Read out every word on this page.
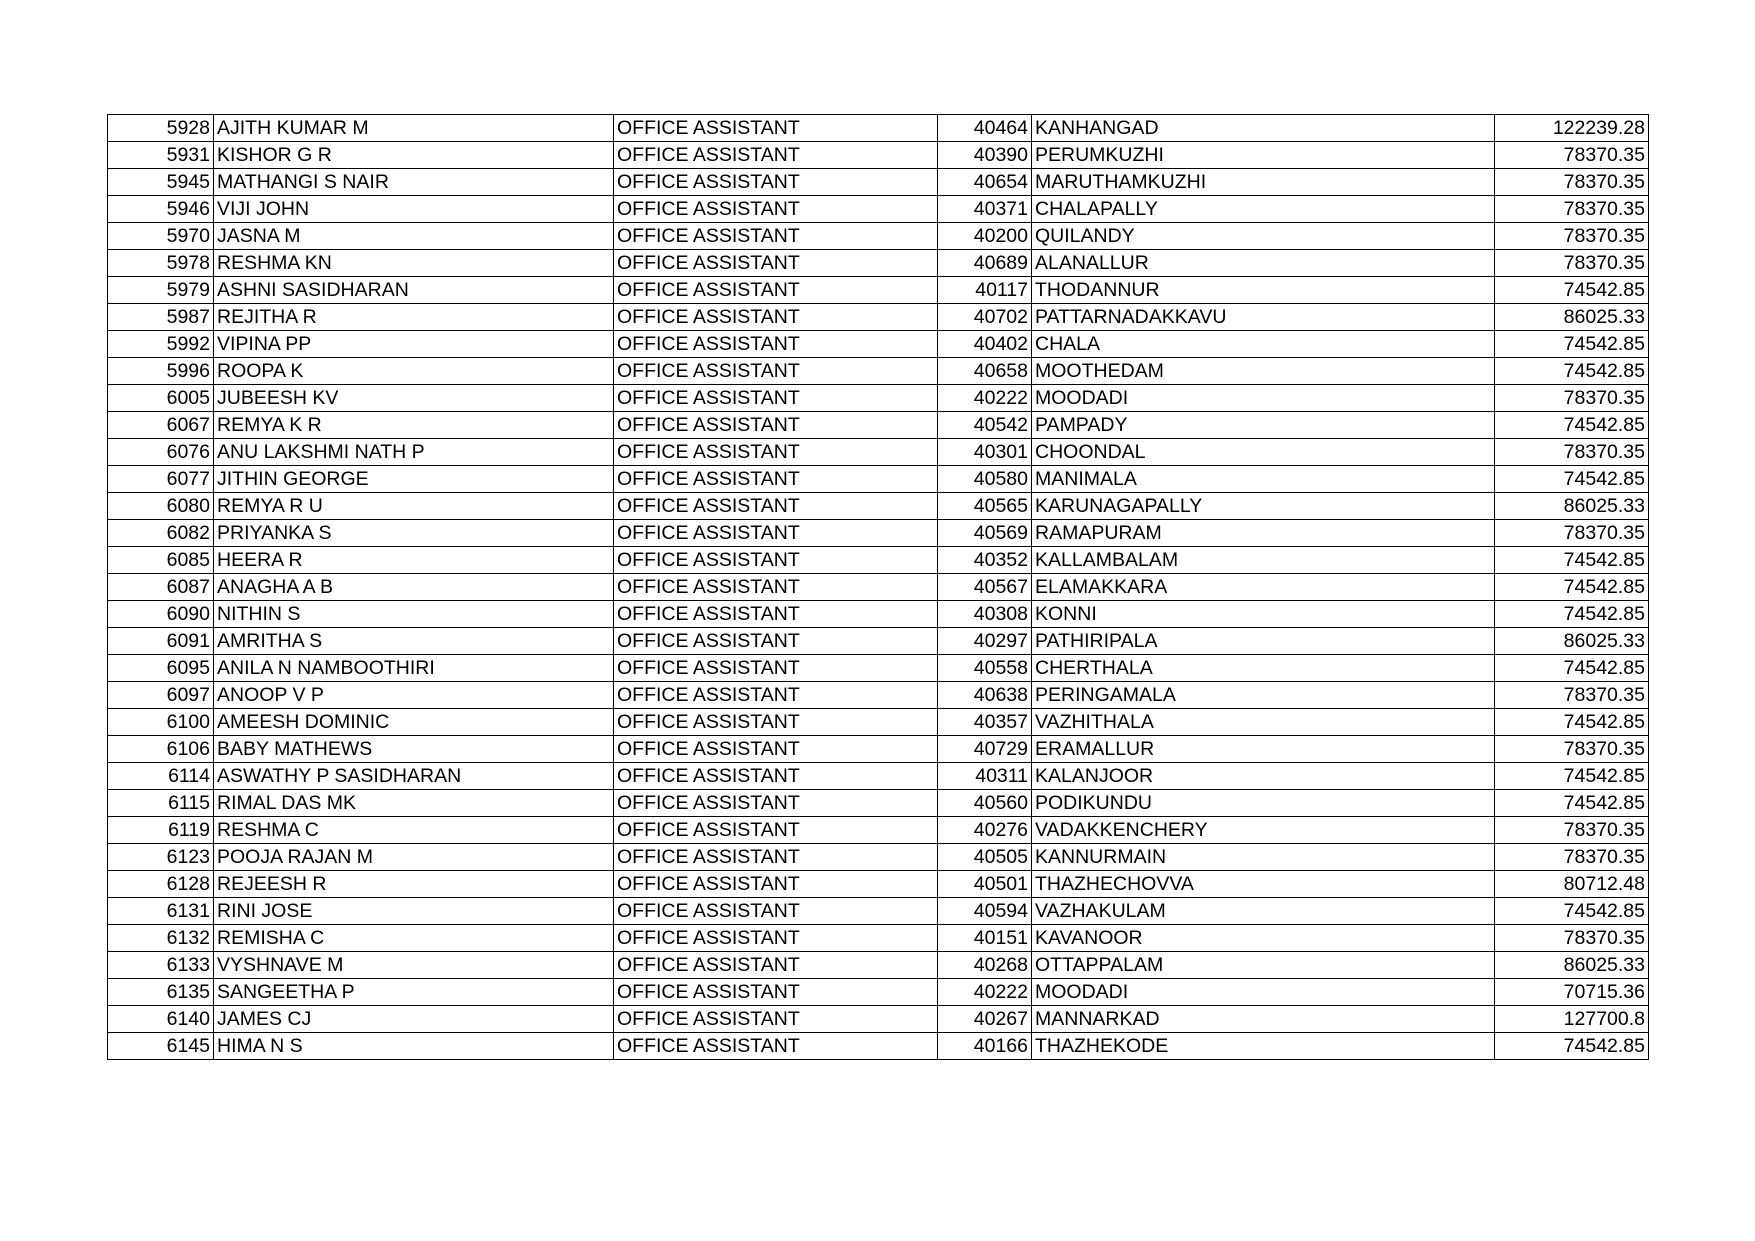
5928	AJITH KUMAR M	OFFICE ASSISTANT	40464	KANHANGAD	122239.28
5931	KISHOR G R	OFFICE ASSISTANT	40390	PERUMKUZHI	78370.35
5945	MATHANGI S NAIR	OFFICE ASSISTANT	40654	MARUTHAMKUZHI	78370.35
5946	VIJI JOHN	OFFICE ASSISTANT	40371	CHALAPALLY	78370.35
5970	JASNA M	OFFICE ASSISTANT	40200	QUILANDY	78370.35
5978	RESHMA KN	OFFICE ASSISTANT	40689	ALANALLUR	78370.35
5979	ASHNI SASIDHARAN	OFFICE ASSISTANT	40117	THODANNUR	74542.85
5987	REJITHA R	OFFICE ASSISTANT	40702	PATTARNADAKKAVU	86025.33
5992	VIPINA PP	OFFICE ASSISTANT	40402	CHALA	74542.85
5996	ROOPA K	OFFICE ASSISTANT	40658	MOOTHEDAM	74542.85
6005	JUBEESH KV	OFFICE ASSISTANT	40222	MOODADI	78370.35
6067	REMYA K R	OFFICE ASSISTANT	40542	PAMPADY	74542.85
6076	ANU LAKSHMI NATH P	OFFICE ASSISTANT	40301	CHOONDAL	78370.35
6077	JITHIN GEORGE	OFFICE ASSISTANT	40580	MANIMALA	74542.85
6080	REMYA R U	OFFICE ASSISTANT	40565	KARUNAGAPALLY	86025.33
6082	PRIYANKA S	OFFICE ASSISTANT	40569	RAMAPURAM	78370.35
6085	HEERA R	OFFICE ASSISTANT	40352	KALLAMBALAM	74542.85
6087	ANAGHA A B	OFFICE ASSISTANT	40567	ELAMAKKARA	74542.85
6090	NITHIN S	OFFICE ASSISTANT	40308	KONNI	74542.85
6091	AMRITHA S	OFFICE ASSISTANT	40297	PATHIRIPALA	86025.33
6095	ANILA N NAMBOOTHIRI	OFFICE ASSISTANT	40558	CHERTHALA	74542.85
6097	ANOOP V P	OFFICE ASSISTANT	40638	PERINGAMALA	78370.35
6100	AMEESH DOMINIC	OFFICE ASSISTANT	40357	VAZHITHALA	74542.85
6106	BABY MATHEWS	OFFICE ASSISTANT	40729	ERAMALLUR	78370.35
6114	ASWATHY P SASIDHARAN	OFFICE ASSISTANT	40311	KALANJOOR	74542.85
6115	RIMAL DAS MK	OFFICE ASSISTANT	40560	PODIKUNDU	74542.85
6119	RESHMA C	OFFICE ASSISTANT	40276	VADAKKENCHERY	78370.35
6123	POOJA RAJAN M	OFFICE ASSISTANT	40505	KANNURMAIN	78370.35
6128	REJEESH R	OFFICE ASSISTANT	40501	THAZHECHOVVA	80712.48
6131	RINI JOSE	OFFICE ASSISTANT	40594	VAZHAKULAM	74542.85
6132	REMISHA C	OFFICE ASSISTANT	40151	KAVANOOR	78370.35
6133	VYSHNAVE M	OFFICE ASSISTANT	40268	OTTAPPALAM	86025.33
6135	SANGEETHA P	OFFICE ASSISTANT	40222	MOODADI	70715.36
6140	JAMES CJ	OFFICE ASSISTANT	40267	MANNARKAD	127700.8
6145	HIMA N S	OFFICE ASSISTANT	40166	THAZHEKODE	74542.85
